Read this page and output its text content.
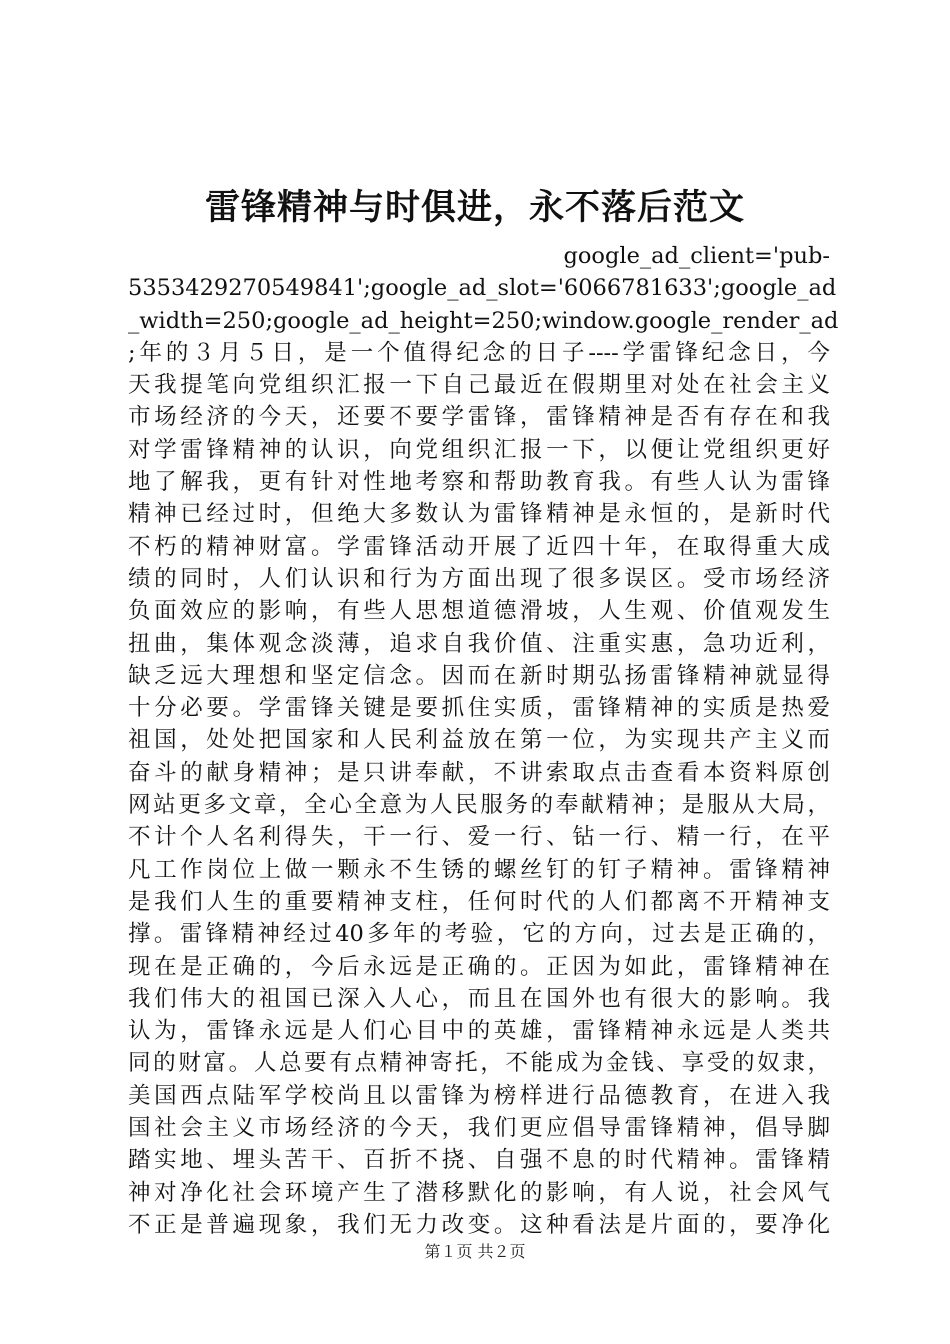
雷锋精神与时俱进，永不落后范文
google_ad_client='pub-
5353429270549841';google_ad_slot='6066781633';google_ad
_width=250;google_ad_height=250;window.google_render_ad
;年的３月５日，是一个值得纪念的日子----学雷锋纪念日，今
天我提笔向党组织汇报一下自己最近在假期里对处在社会主义
市场经济的今天，还要不要学雷锋，雷锋精神是否有存在和我
对学雷锋精神的认识，向党组织汇报一下，以便让党组织更好
地了解我，更有针对性地考察和帮助教育我。有些人认为雷锋
精神已经过时，但绝大多数认为雷锋精神是永恒的，是新时代
不朽的精神财富。学雷锋活动开展了近四十年，在取得重大成
绩的同时，人们认识和行为方面出现了很多误区。受市场经济
负面效应的影响，有些人思想道德滑坡，人生观、价值观发生
扭曲，集体观念淡薄，追求自我价值、注重实惠，急功近利，
缺乏远大理想和坚定信念。因而在新时期弘扬雷锋精神就显得
十分必要。学雷锋关键是要抓住实质，雷锋精神的实质是热爱
祖国，处处把国家和人民利益放在第一位，为实现共产主义而
奋斗的献身精神；是只讲奉献，不讲索取点击查看本资料原创
网站更多文章，全心全意为人民服务的奉献精神；是服从大局，
不计个人名利得失，干一行、爱一行、钻一行、精一行，在平
凡工作岗位上做一颗永不生锈的螺丝钉的钉子精神。雷锋精神
是我们人生的重要精神支柱，任何时代的人们都离不开精神支
撑。雷锋精神经过40多年的考验，它的方向，过去是正确的，
现在是正确的，今后永远是正确的。正因为如此，雷锋精神在
我们伟大的祖国已深入人心，而且在国外也有很大的影响。我
认为，雷锋永远是人们心目中的英雄，雷锋精神永远是人类共
同的财富。人总要有点精神寄托，不能成为金钱、享受的奴隶，
美国西点陆军学校尚且以雷锋为榜样进行品德教育，在进入我
国社会主义市场经济的今天，我们更应倡导雷锋精神，倡导脚
踏实地、埋头苦干、百折不挠、自强不息的时代精神。雷锋精
神对净化社会环境产生了潜移默化的影响，有人说，社会风气
不正是普遍现象，我们无力改变。这种看法是片面的，要净化
第１页 共２页
